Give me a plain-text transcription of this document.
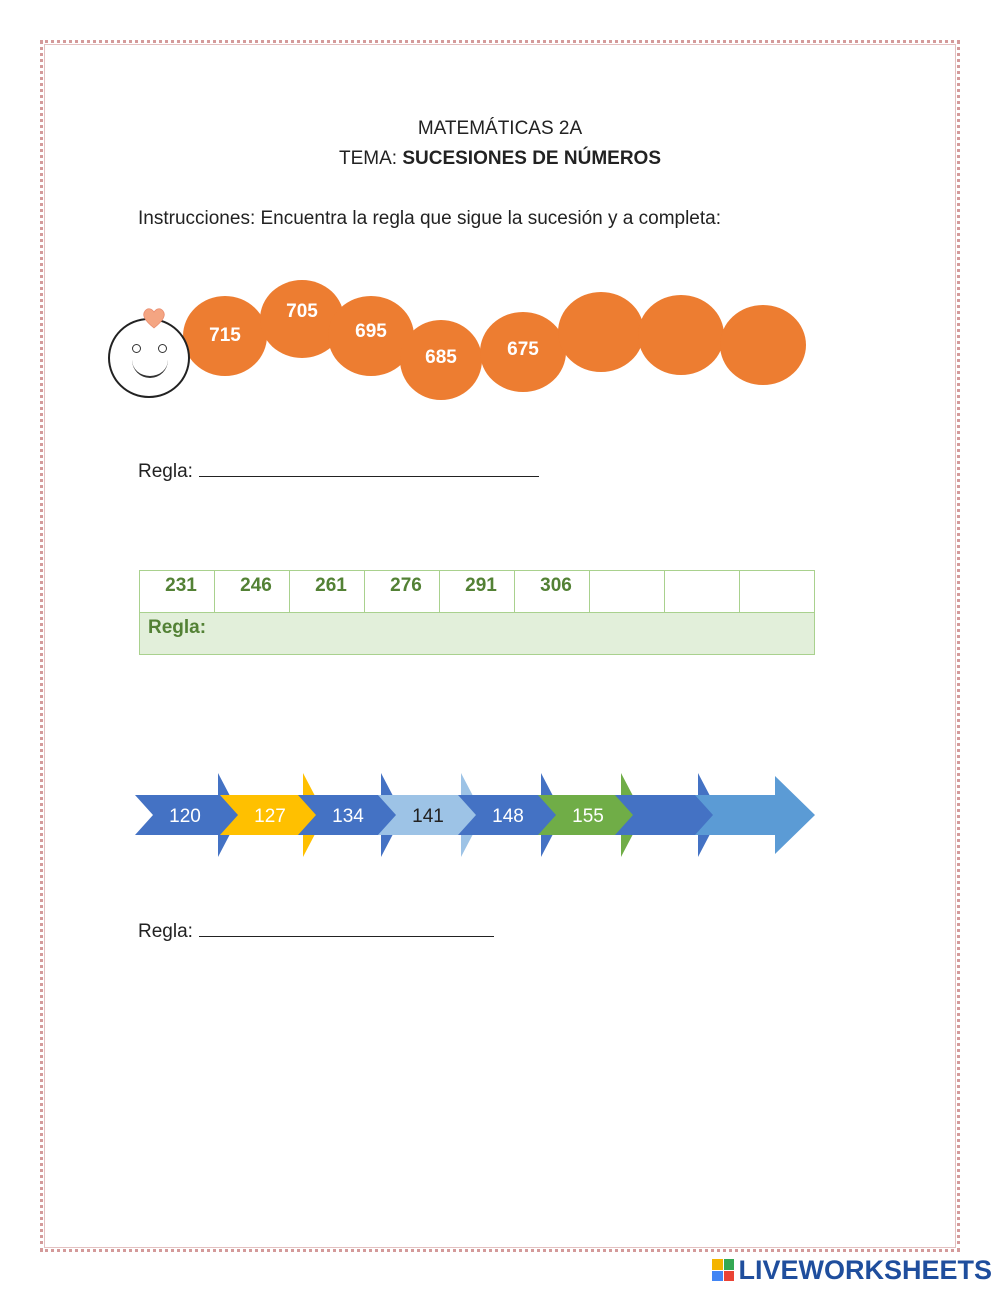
MATEMÁTICAS 2A
TEMA: SUCESIONES DE NÚMEROS
Instrucciones: Encuentra la regla que sigue la sucesión y a completa:
715
705
695
685	675
Regla:
231	246	261	276	291	306			
Regla:
120	127 134	141	148	155
Regla:
LIVEWORKSHEETS
